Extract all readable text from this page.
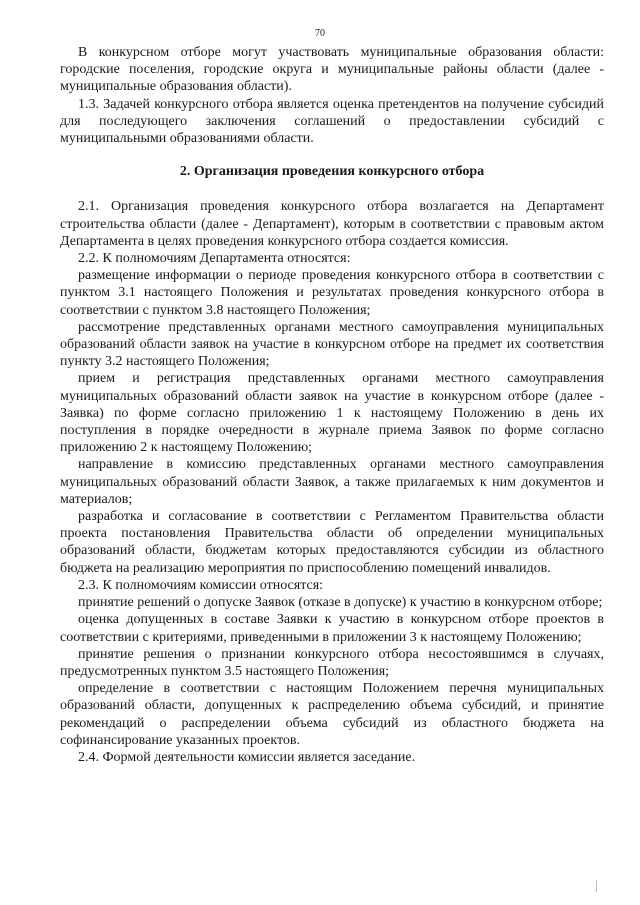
70

В конкурсном отборе могут участвовать муниципальные образования области: городские поселения, городские округа и муниципальные районы области (далее - муниципальные образования области).

1.3. Задачей конкурсного отбора является оценка претендентов на получение субсидий для последующего заключения соглашений о предоставлении субсидий с муниципальными образованиями области.

2. Организация проведения конкурсного отбора

2.1. Организация проведения конкурсного отбора возлагается на Департамент строительства области (далее - Департамент), которым в соответствии с правовым актом Департамента в целях проведения конкурсного отбора создается комиссия.

2.2. К полномочиям Департамента относятся:

размещение информации о периоде проведения конкурсного отбора в соответствии с пунктом 3.1 настоящего Положения и результатах проведения конкурсного отбора в соответствии с пунктом 3.8 настоящего Положения;

рассмотрение представленных органами местного самоуправления муниципальных образований области заявок на участие в конкурсном отборе на предмет их соответствия пункту 3.2 настоящего Положения;

прием и регистрация представленных органами местного самоуправления муниципальных образований области заявок на участие в конкурсном отборе (далее - Заявка) по форме согласно приложению 1 к настоящему Положению в день их поступления в порядке очередности в журнале приема Заявок по форме согласно приложению 2 к настоящему Положению;

направление в комиссию представленных органами местного самоуправления муниципальных образований области Заявок, а также прилагаемых к ним документов и материалов;

разработка и согласование в соответствии с Регламентом Правительства области проекта постановления Правительства области об определении муниципальных образований области, бюджетам которых предоставляются субсидии из областного бюджета на реализацию мероприятия по приспособлению помещений инвалидов.

2.3. К полномочиям комиссии относятся:

принятие решений о допуске Заявок (отказе в допуске) к участию в конкурсном отборе;

оценка допущенных в составе Заявки к участию в конкурсном отборе проектов в соответствии с критериями, приведенными в приложении 3 к настоящему Положению;

принятие решения о признании конкурсного отбора несостоявшимся в случаях, предусмотренных пунктом 3.5 настоящего Положения;

определение в соответствии с настоящим Положением перечня муниципальных образований области, допущенных к распределению объема субсидий, и принятие рекомендаций о распределении объема субсидий из областного бюджета на софинансирование указанных проектов.

2.4. Формой деятельности комиссии является заседание.
